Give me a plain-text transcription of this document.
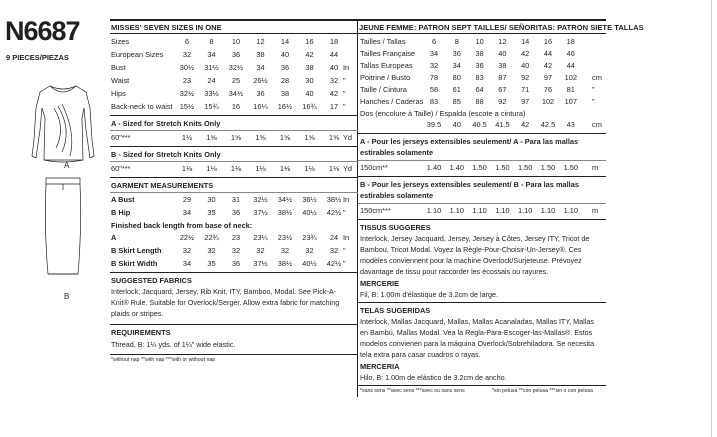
N6687
9 PIECES/PIEZAS
A
B
MISSES' SEVEN SIZES IN ONE	JEUNE FEMME: PATRON SEPT TAILLES/ SEÑORITAS: PATRON SIETE TALLAS
Sizes	6	8	10	12	14	16	18
European Sizes	32	34	36	38	40	42	44
Bust	30½	31½	32½	34	36	38	40 In
Waist	23	24	25	26½	28	30	32 "
Hips	32½	33½	34½	36	38	40	42 "
Back-neck to waist 15½	15¾	16	16¼	16½	16¾	17 "
A - Sized for Stretch Knits Only
60"***	1½	1⅝	1⅝	1⅝	1⅝	1⅝	1⅝ Yd
B - Sized for Stretch Knits Only
60"***	1⅛	1⅛	1⅛	1⅛	1⅛	1⅛	1⅛ Yd
GARMENT MEASUREMENTS
A Bust	29	30	31	32½	34½	36½	38½ In
B Hip	34	35	36	37½	38½	40½	42½ "
Finished back length from base of neck:
A	22½	22¾	23	23¼	23½	23¾	24 In
B Skirt Length	32	32	32	32	32	32	32 "
B Skirt Width	34	35	36	37½	38½	40½	42½ "
SUGGESTED FABRICS
Interlock, Jacquard, Jersey, Rib Knit, ITY, Bamboo, Modal. See Pick-A-Knit® Rule. Suitable for Overlock/Serger. Allow extra fabric for matching plaids or stripes.
REQUIREMENTS
Thread, B: 1¼ yds. of 1¼" wide elastic.
*without nap **with nap ***with or without nap
Tailles / Tallas	6	8	10	12	14	16	18
Tailles Française	34	36	38	40	42	44	46
Tallas Europeas	32	34	36	38	40	42	44
Poitrine / Busto	78	80	83	87	92	97	102	cm
Taille / Cintura	58	61	64	67	71	76	81	"
Hanches / Caderas 83	85	88	92	97	102	107	"
Dos (encolure à Taille) / Espalda (escote a cintura)
39.5	40	40.5	41.5	42	42.5	43	cm
A - Pour les jerseys extensibles seulement/ A - Para las mallas estirables solamente
150cm**	1.40	1.40	1.50	1.50	1.50	1.50	1.50	m
B - Pour les jerseys extensibles seulement/ B - Para las mallas estirables solamente
150cm***	1.10	1.10	1.10	1.10	1.10	1.10	1.10	m
TISSUS SUGGERES
Interlock, Jersey Jacquard, Jersey, Jersey à Côtes, Jersey ITY, Tricot de Bambou, Tricot Modal. Voyez la Règle-Pour-Choisir-Un-Jersey®. Ces modèles conviennent pour la machine Overlock/Surjeteuse. Prévoyez davantage de tissu pour raccorder les écossais ou rayures.
MERCERIE
Fil, B: 1.00m d'élastique de 3.2cm de large.
TELAS SUGERIDAS
Interlock, Mallas Jacquard, Mallas, Mallas Acanaladas, Mallas ITY, Mallas en Bambú, Mallas Modal. Vea la Regla-Para-Escoger-las-Mallas®. Estos modelos convienen para la máquina Overlock/Sobrehiladora. Se necesita tela extra para casar cuadros o rayas.
MERCERIA
Hilo, B: 1.00m de elástico de 3.2cm de ancho.
*sans sens **avec sens ***avec ou sans sens	*sin pelusa **con pelusa ***sin o con pelusa
